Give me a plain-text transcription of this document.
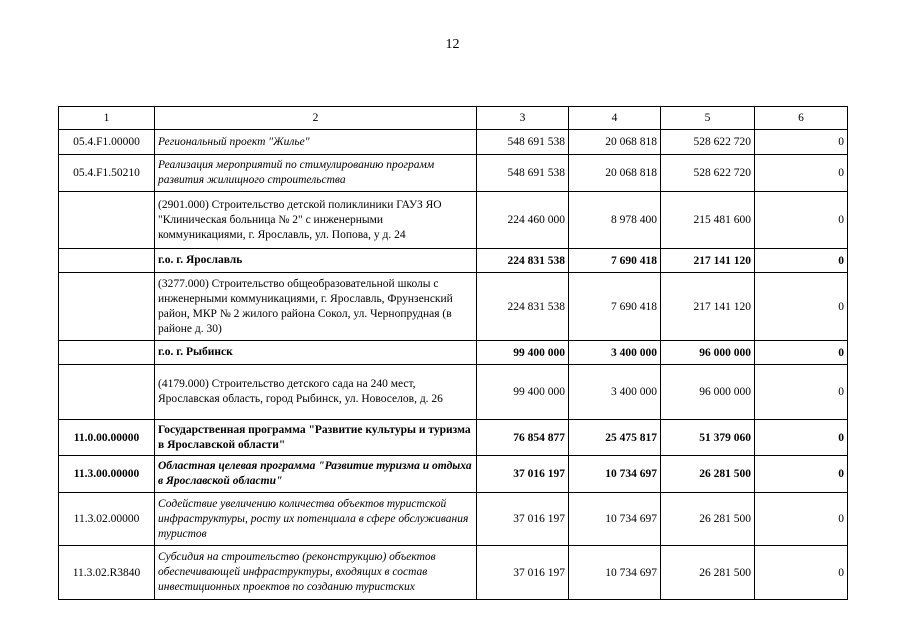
12
1	2	3	4	5	6
05.4.F1.00000	Региональный проект "Жилье"	548 691 538	20 068 818	528 622 720	0
05.4.F1.50210	Реализация мероприятий по стимулированию программ развития жилищного строительства	548 691 538	20 068 818	528 622 720	0
	(2901.000) Строительство детской поликлиники ГАУЗ ЯО "Клиническая больница № 2" с инженерными коммуникациями, г. Ярославль, ул. Попова, у д. 24	224 460 000	8 978 400	215 481 600	0
	г.о. г. Ярославль	224 831 538	7 690 418	217 141 120	0
	(3277.000) Строительство общеобразовательной школы с инженерными коммуникациями, г. Ярославль, Фрунзенский район, МКР № 2 жилого района Сокол, ул. Чернопрудная (в районе д. 30)	224 831 538	7 690 418	217 141 120	0
	г.о. г. Рыбинск	99 400 000	3 400 000	96 000 000	0
	(4179.000) Строительство детского сада на 240 мест, Ярославская область, город Рыбинск, ул. Новоселов, д. 26	99 400 000	3 400 000	96 000 000	0
11.0.00.00000	Государственная программа "Развитие культуры и туризма в Ярославской области"	76 854 877	25 475 817	51 379 060	0
11.3.00.00000	Областная целевая программа "Развитие туризма и отдыха в Ярославской области"	37 016 197	10 734 697	26 281 500	0
11.3.02.00000	Содействие увеличению количества объектов туристской инфраструктуры, росту их потенциала в сфере обслуживания туристов	37 016 197	10 734 697	26 281 500	0
11.3.02.R3840	Субсидия на строительство (реконструкцию) объектов обеспечивающей инфраструктуры, входящих в состав инвестиционных проектов по созданию туристских	37 016 197	10 734 697	26 281 500	0
